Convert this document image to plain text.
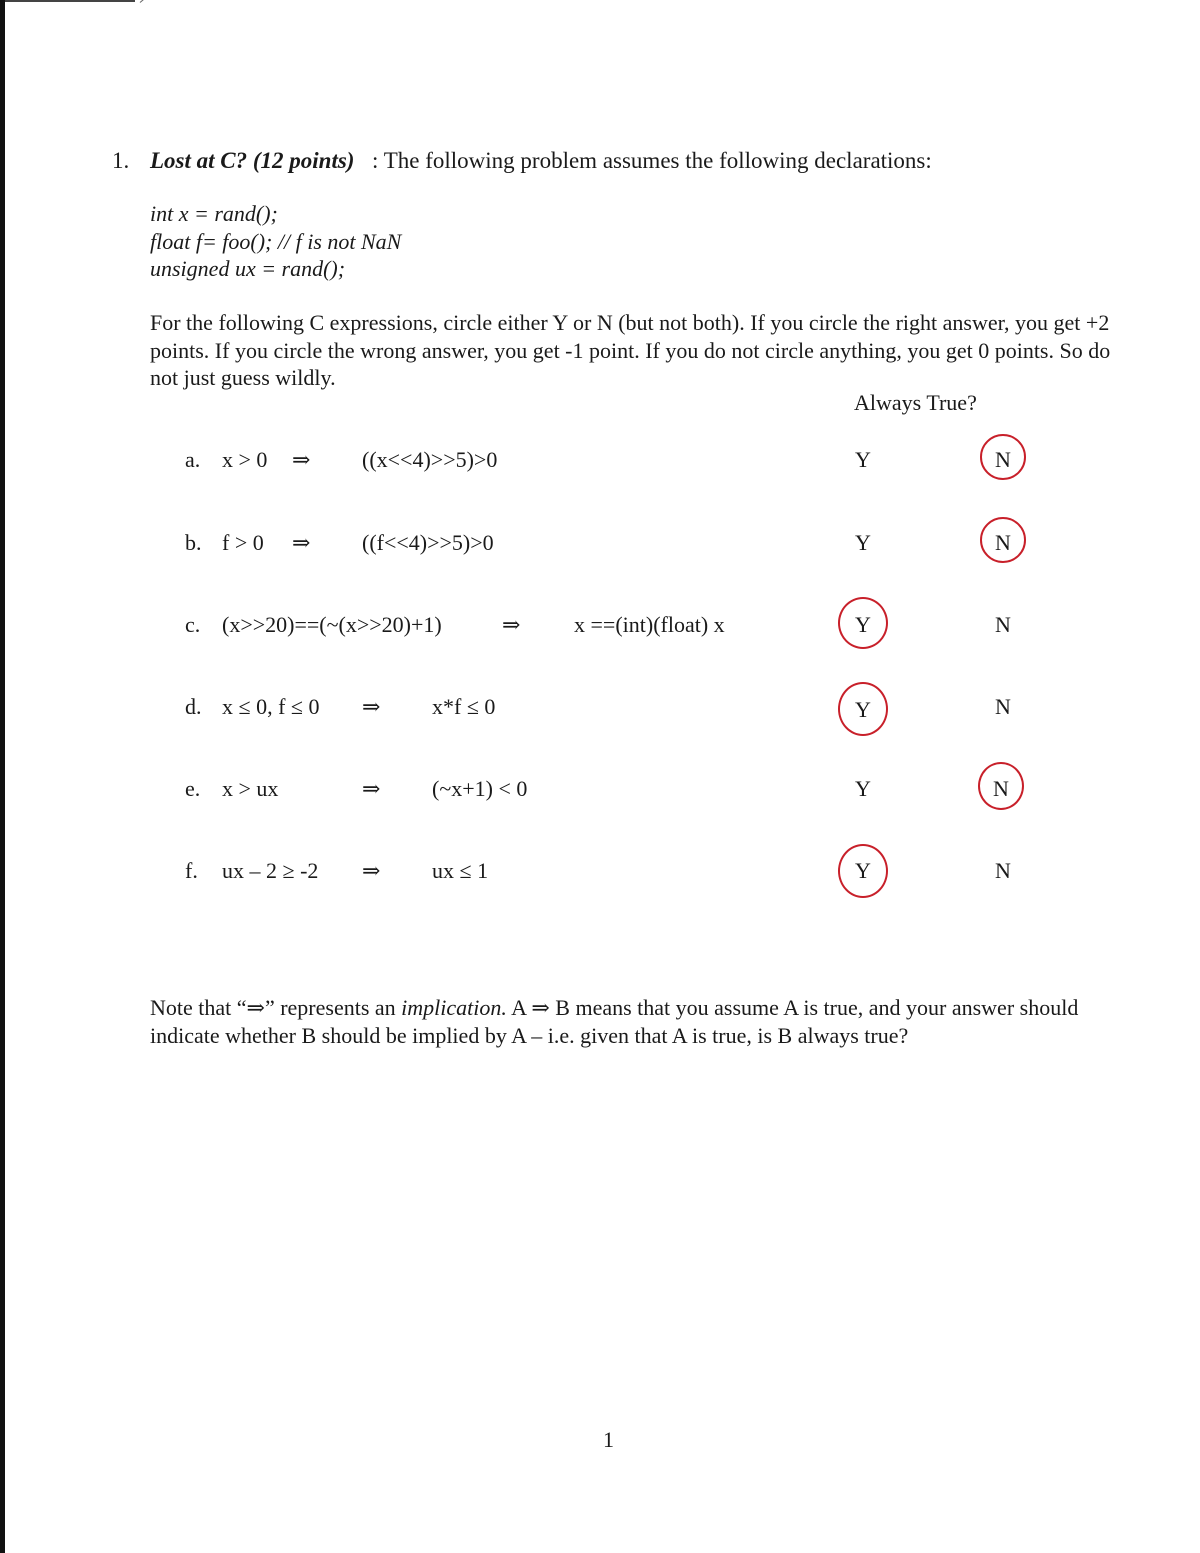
1. Lost at C? (12 points) : The following problem assumes the following declarations:
int x = rand();
float f= foo(); // f is not NaN
unsigned ux = rand();
For the following C expressions, circle either Y or N (but not both). If you circle the right answer, you get +2 points. If you circle the wrong answer, you get -1 point. If you do not circle anything, you get 0 points. So do not just guess wildly.
Always True?
a. x > 0 ⇒ ((x<<4)>>5)>0	Y	N
b. f > 0 ⇒ ((f<<4)>>5)>0	Y	N
c. (x>>20)==(~(x>>20)+1)	⇒ x ==(int)(float) x	Y	N
d. x ≤ 0, f ≤ 0 ⇒ x*f ≤ 0	Y	N
e. x > ux	⇒ (~x+1) < 0	Y	N
f. ux – 2 ≥ -2 ⇒ ux ≤ 1	Y	N
Note that “⇒” represents an implication. A ⇒ B means that you assume A is true, and your answer should indicate whether B should be implied by A – i.e. given that A is true, is B always true?
1
